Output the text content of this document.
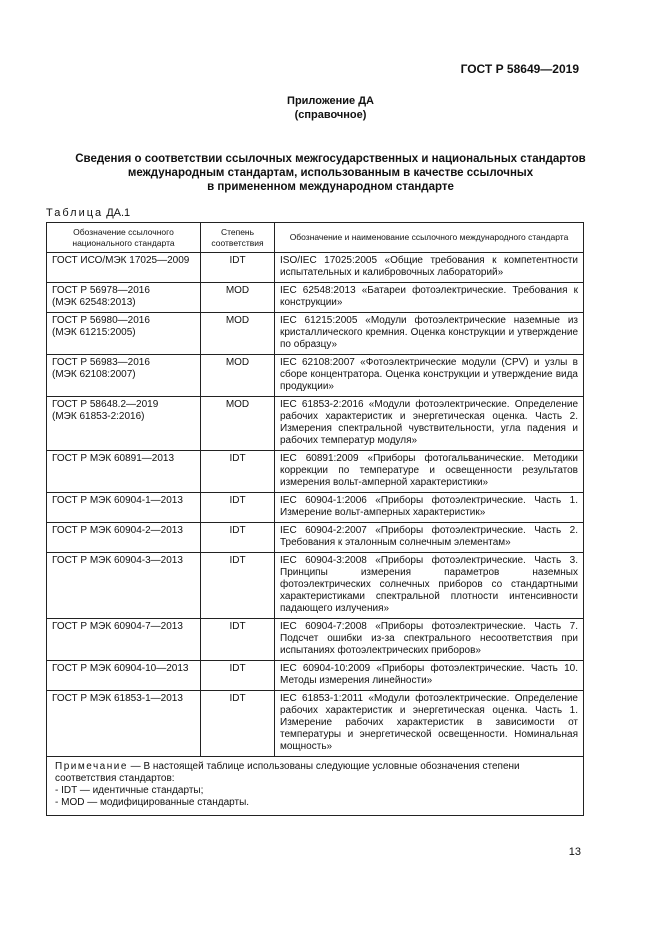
ГОСТ Р 58649—2019
Приложение ДА
(справочное)
Сведения о соответствии ссылочных межгосударственных и национальных стандартов
международным стандартам, использованным в качестве ссылочных
в примененном международном стандарте
Таблица ДА.1
Обозначение ссылочного национального стандарта	Степень соответствия	Обозначение и наименование ссылочного международного стандарта

ГОСТ ИСО/МЭК 17025—2009	IDT	ISO/IEC 17025:2005 «Общие требования к компетентности испытательных и калибровочных лабораторий»

ГОСТ Р 56978—2016
(МЭК 62548:2013)	MOD	IEC 62548:2013 «Батареи фотоэлектрические. Требования к конструкции»

ГОСТ Р 56980—2016
(МЭК 61215:2005)	MOD	IEC 61215:2005 «Модули фотоэлектрические наземные из кристаллического кремния. Оценка конструкции и утверждение по образцу»

ГОСТ Р 56983—2016
(МЭК 62108:2007)	MOD	IEC 62108:2007 «Фотоэлектрические модули (CPV) и узлы в сборе концентратора. Оценка конструкции и утверждение вида продукции»

ГОСТ Р 58648.2—2019
(МЭК 61853-2:2016)	MOD	IEC 61853-2:2016 «Модули фотоэлектрические. Определение рабочих характеристик и энергетическая оценка. Часть 2. Измерения спектральной чувствительности, угла падения и рабочих температур модуля»

ГОСТ Р МЭК 60891—2013	IDT	IEC 60891:2009 «Приборы фотогальванические. Методики коррекции по температуре и освещенности результатов измерения вольт-амперной характеристики»

ГОСТ Р МЭК 60904-1—2013	IDT	IEC 60904-1:2006 «Приборы фотоэлектрические. Часть 1. Измерение вольт-амперных характеристик»

ГОСТ Р МЭК 60904-2—2013	IDT	IEC 60904-2:2007 «Приборы фотоэлектрические. Часть 2. Требования к эталонным солнечным элементам»

ГОСТ Р МЭК 60904-3—2013	IDT	IEC 60904-3:2008 «Приборы фотоэлектрические. Часть 3. Принципы измерения параметров наземных фотоэлектрических солнечных приборов со стандартными характеристиками спектральной плотности интенсивности падающего излучения»

ГОСТ Р МЭК 60904-7—2013	IDT	IEC 60904-7:2008 «Приборы фотоэлектрические. Часть 7. Подсчет ошибки из-за спектрального несоответствия при испытаниях фотоэлектрических приборов»

ГОСТ Р МЭК 60904-10—2013	IDT	IEC 60904-10:2009 «Приборы фотоэлектрические. Часть 10. Методы измерения линейности»

ГОСТ Р МЭК 61853-1—2013	IDT	IEC 61853-1:2011 «Модули фотоэлектрические. Определение рабочих характеристик и энергетическая оценка. Часть 1. Измерение рабочих характеристик в зависимости от температуры и энергетической освещенности. Номинальная мощность»

Примечание — В настоящей таблице использованы следующие условные обозначения степени соответствия стандартов:
- IDT — идентичные стандарты;
- MOD — модифицированные стандарты.		
13
